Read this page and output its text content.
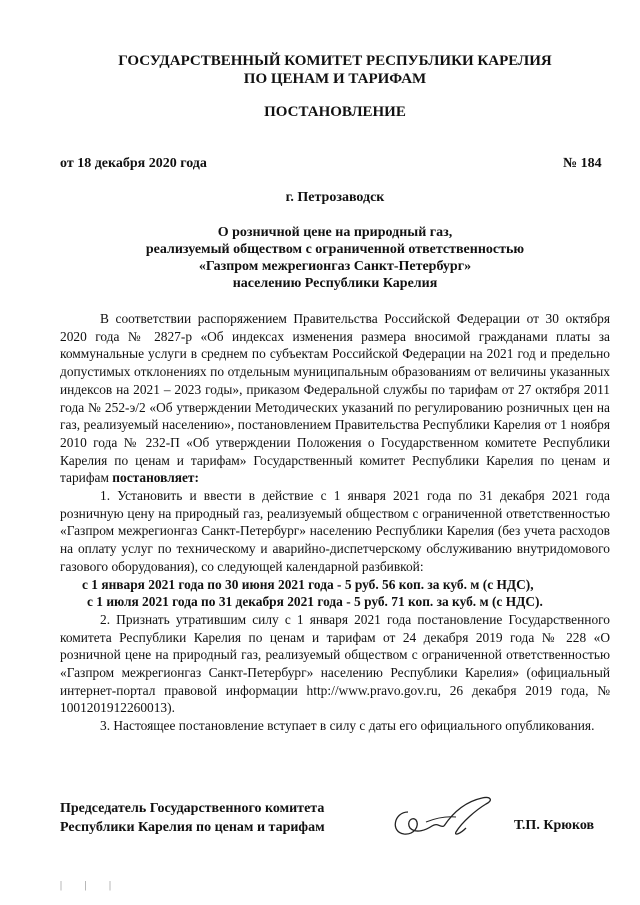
ГОСУДАРСТВЕННЫЙ КОМИТЕТ РЕСПУБЛИКИ КАРЕЛИЯ
ПО ЦЕНАМ И ТАРИФАМ
ПОСТАНОВЛЕНИЕ
от 18 декабря 2020 года	№ 184
г. Петрозаводск
О розничной цене на природный газ,
реализуемый обществом с ограниченной ответственностью
«Газпром межрегионгаз Санкт-Петербург»
населению Республики Карелия

В соответствии распоряжением Правительства Российской Федерации от 30 октября 2020 года № 2827-р «Об индексах изменения размера вносимой гражданами платы за коммунальные услуги в среднем по субъектам Российской Федерации на 2021 год и предельно допустимых отклонениях по отдельным муниципальным образованиям от величины указанных индексов на 2021 – 2023 годы», приказом Федеральной службы по тарифам от 27 октября 2011 года № 252-э/2 «Об утверждении Методических указаний по регулированию розничных цен на газ, реализуемый населению», постановлением Правительства Республики Карелия от 1 ноября 2010 года № 232-П «Об утверждении Положения о Государственном комитете Республики Карелия по ценам и тарифам» Государственный комитет Республики Карелия по ценам и тарифам постановляет:

1. Установить и ввести в действие с 1 января 2021 года по 31 декабря 2021 года розничную цену на природный газ, реализуемый обществом с ограниченной ответственностью «Газпром межрегионгаз Санкт-Петербург» населению Республики Карелия (без учета расходов на оплату услуг по техническому и аварийно-диспетчерскому обслуживанию внутридомового газового оборудования), со следующей календарной разбивкой:

с 1 января 2021 года по 30 июня 2021 года - 5 руб. 56 коп. за куб. м (с НДС),

с 1 июля 2021 года по 31 декабря 2021 года - 5 руб. 71 коп. за куб. м (с НДС).

2. Признать утратившим силу с 1 января 2021 года постановление Государственного комитета Республики Карелия по ценам и тарифам от 24 декабря 2019 года № 228 «О розничной цене на природный газ, реализуемый обществом с ограниченной ответственностью «Газпром межрегионгаз Санкт-Петербург» населению Республики Карелия» (официальный интернет-портал правовой информации http://www.pravo.gov.ru, 26 декабря 2019 года, № 1001201912260013).

3. Настоящее постановление вступает в силу с даты его официального опубликования.

Председатель Государственного комитета
Республики Карелия по ценам и тарифам	Т.П. Крюков
| | |
